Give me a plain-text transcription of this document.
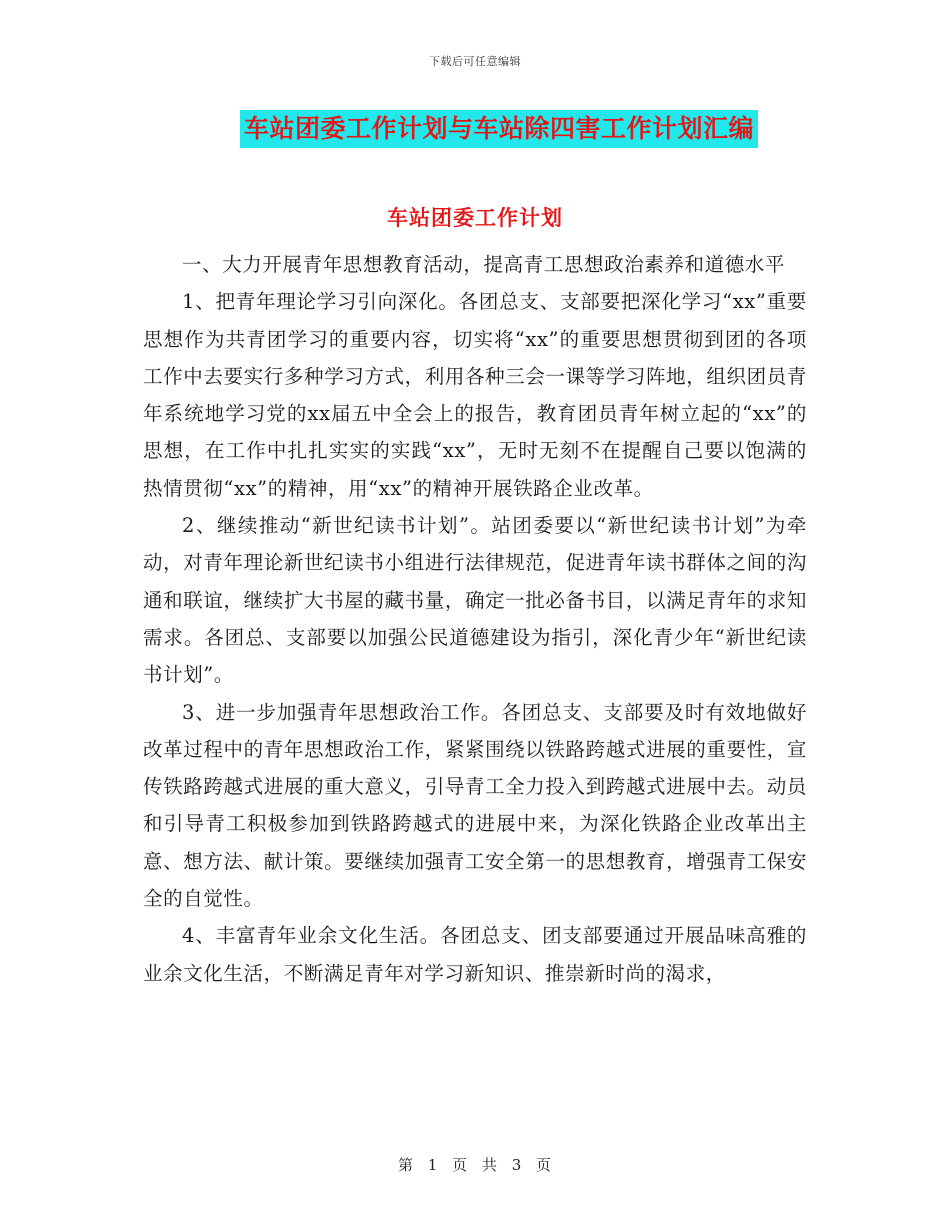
下载后可任意编辑
车站团委工作计划与车站除四害工作计划汇编
车站团委工作计划

一、大力开展青年思想教育活动，提高青工思想政治素养和道德水平

1、把青年理论学习引向深化。各团总支、支部要把深化学习“xx”重要思想作为共青团学习的重要内容，切实将“xx”的重要思想贯彻到团的各项工作中去要实行多种学习方式，利用各种三会一课等学习阵地，组织团员青年系统地学习党的xx届五中全会上的报告，教育团员青年树立起的“xx”的思想，在工作中扎扎实实的实践“xx”，无时无刻不在提醒自己要以饱满的热情贯彻“xx”的精神，用“xx”的精神开展铁路企业改革。

2、继续推动“新世纪读书计划”。站团委要以“新世纪读书计划”为牵动，对青年理论新世纪读书小组进行法律规范，促进青年读书群体之间的沟通和联谊，继续扩大书屋的藏书量，确定一批必备书目，以满足青年的求知需求。各团总、支部要以加强公民道德建设为指引，深化青少年“新世纪读书计划”。

3、进一步加强青年思想政治工作。各团总支、支部要及时有效地做好改革过程中的青年思想政治工作，紧紧围绕以铁路跨越式进展的重要性，宣传铁路跨越式进展的重大意义，引导青工全力投入到跨越式进展中去。动员和引导青工积极参加到铁路跨越式的进展中来，为深化铁路企业改革出主意、想方法、献计策。要继续加强青工安全第一的思想教育，增强青工保安全的自觉性。

4、丰富青年业余文化生活。各团总支、团支部要通过开展品味高雅的业余文化生活，不断满足青年对学习新知识、推崇新时尚的渴求，

第 1 页 共 3 页
